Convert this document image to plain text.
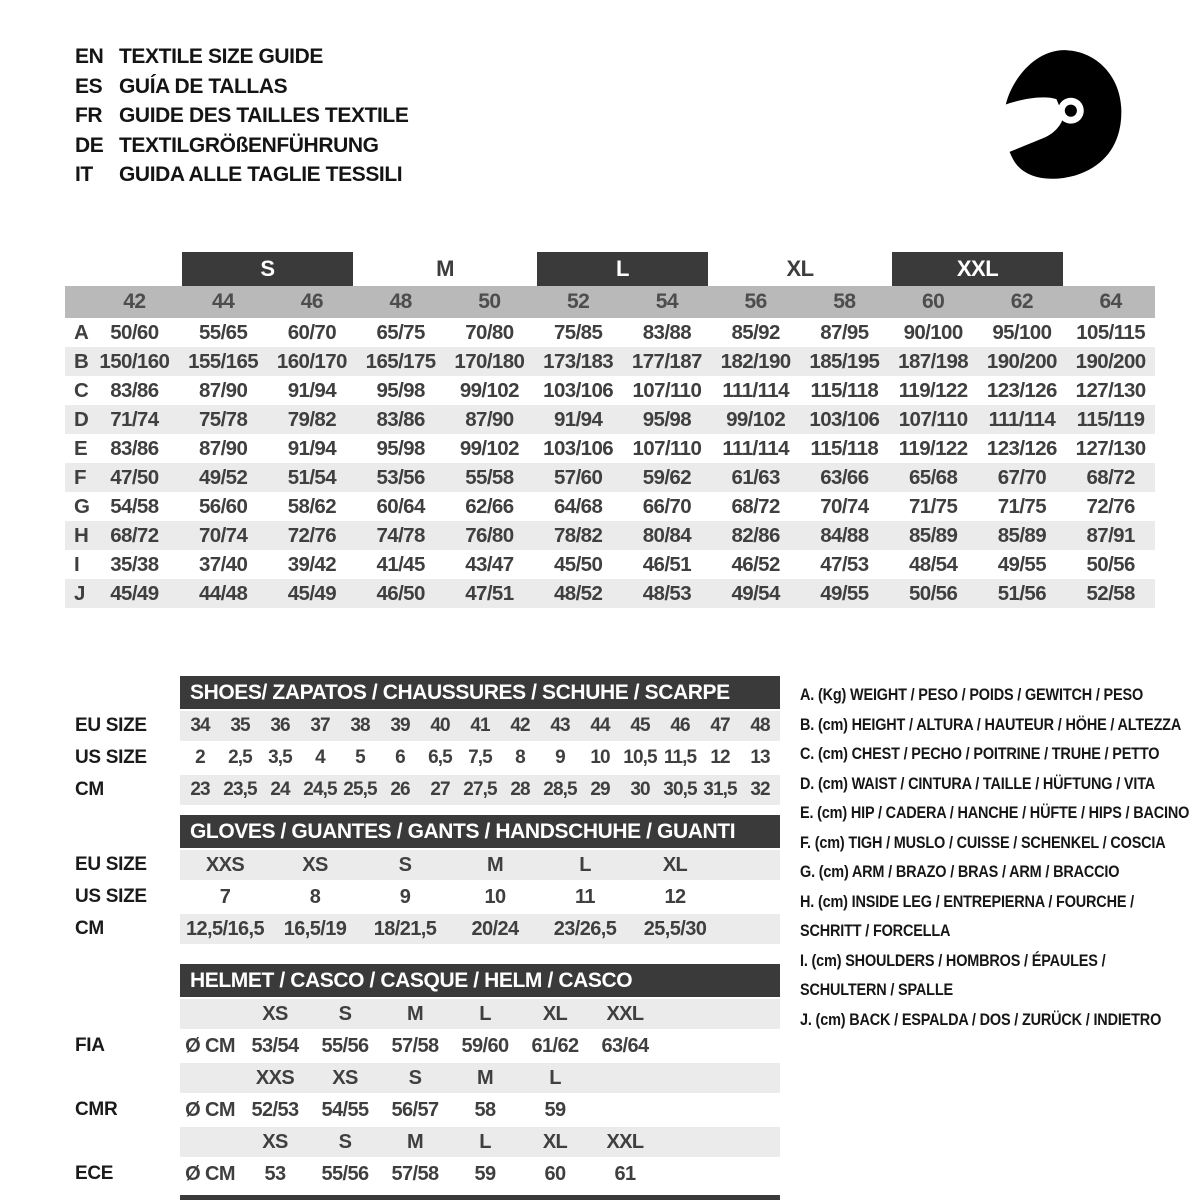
EN TEXTILE SIZE GUIDE
ES GUÍA DE TALLAS
FR GUIDE DES TAILLES TEXTILE
DE TEXTILGRÖßENFÜHRUNG
IT	GUIDA ALLE TAGLIE TESSILI
S	M	L	XL	XXL
42	44	46	48	50	52	54	56	58	60	62	64
A	50/60	55/65	60/70	65/75	70/80	75/85	83/88	85/92	87/95	90/100	95/100	105/115
B 150/160 155/165 160/170 165/175 170/180 173/183 177/187 182/190 185/195 187/198 190/200 190/200
C	83/86	87/90	91/94	95/98	99/102	103/106 107/110	111/114	115/118	119/122 123/126 127/130
D	71/74	75/78	79/82	83/86	87/90	91/94	95/98	99/102	103/106 107/110	111/114	115/119
E	83/86	87/90	91/94	95/98	99/102	103/106 107/110	111/114	115/118	119/122 123/126 127/130
F	47/50	49/52	51/54	53/56	55/58	57/60	59/62	61/63	63/66	65/68	67/70	68/72
G	54/58	56/60	58/62	60/64	62/66	64/68	66/70	68/72	70/74	71/75	71/75	72/76
H	68/72	70/74	72/76	74/78	76/80	78/82	80/84	82/86	84/88	85/89	85/89	87/91
I	35/38	37/40	39/42	41/45	43/47	45/50	46/51	46/52	47/53	48/54	49/55	50/56
J	45/49	44/48	45/49	46/50	47/51	48/52	48/53	49/54	49/55	50/56	51/56	52/58
SHOES/ ZAPATOS / CHAUSSURES / SCHUHE / SCARPE
EU SIZE	34	35	36	37	38	39	40	41	42	43	44	45	46	47	48
US SIZE	2	2,5 3,5	4	5	6	6,5 7,5	8	9	10 10,5 11,5 12	13
CM	23 23,5 24 24,5 25,5 26	27 27,5 28 28,5 29	30 30,5 31,5 32
GLOVES / GUANTES / GANTS / HANDSCHUHE / GUANTI
EU SIZE	XXS	XS	S	M	L	XL
US SIZE	7	8	9	10	11	12
CM	12,5/16,5 16,5/19	18/21,5	20/24	23/26,5	25,5/30
HELMET / CASCO / CASQUE / HELM / CASCO
XS	S	M	L	XL	XXL
FIA	Ø CM 53/54	55/56	57/58	59/60	61/62	63/64
XXS	XS	S	M	L
CMR	Ø CM 52/53	54/55	56/57	58	59
XS	S	M	L	XL	XXL
ECE	Ø CM	53	55/56	57/58	59	60	61
A. (Kg) WEIGHT / PESO / POIDS / GEWITCH / PESO
B. (cm) HEIGHT / ALTURA / HAUTEUR / HÖHE / ALTEZZA
C. (cm) CHEST / PECHO / POITRINE / TRUHE / PETTO
D. (cm) WAIST / CINTURA / TAILLE / HÜFTUNG / VITA
E. (cm) HIP / CADERA / HANCHE / HÜFTE / HIPS / BACINO
F. (cm) TIGH / MUSLO / CUISSE / SCHENKEL / COSCIA
G. (cm) ARM / BRAZO / BRAS / ARM / BRACCIO
H. (cm) INSIDE LEG / ENTREPIERNA / FOURCHE /
SCHRITT / FORCELLA
I. (cm) SHOULDERS / HOMBROS / ÉPAULES /
SCHULTERN / SPALLE
J. (cm) BACK / ESPALDA / DOS / ZURÜCK / INDIETRO
